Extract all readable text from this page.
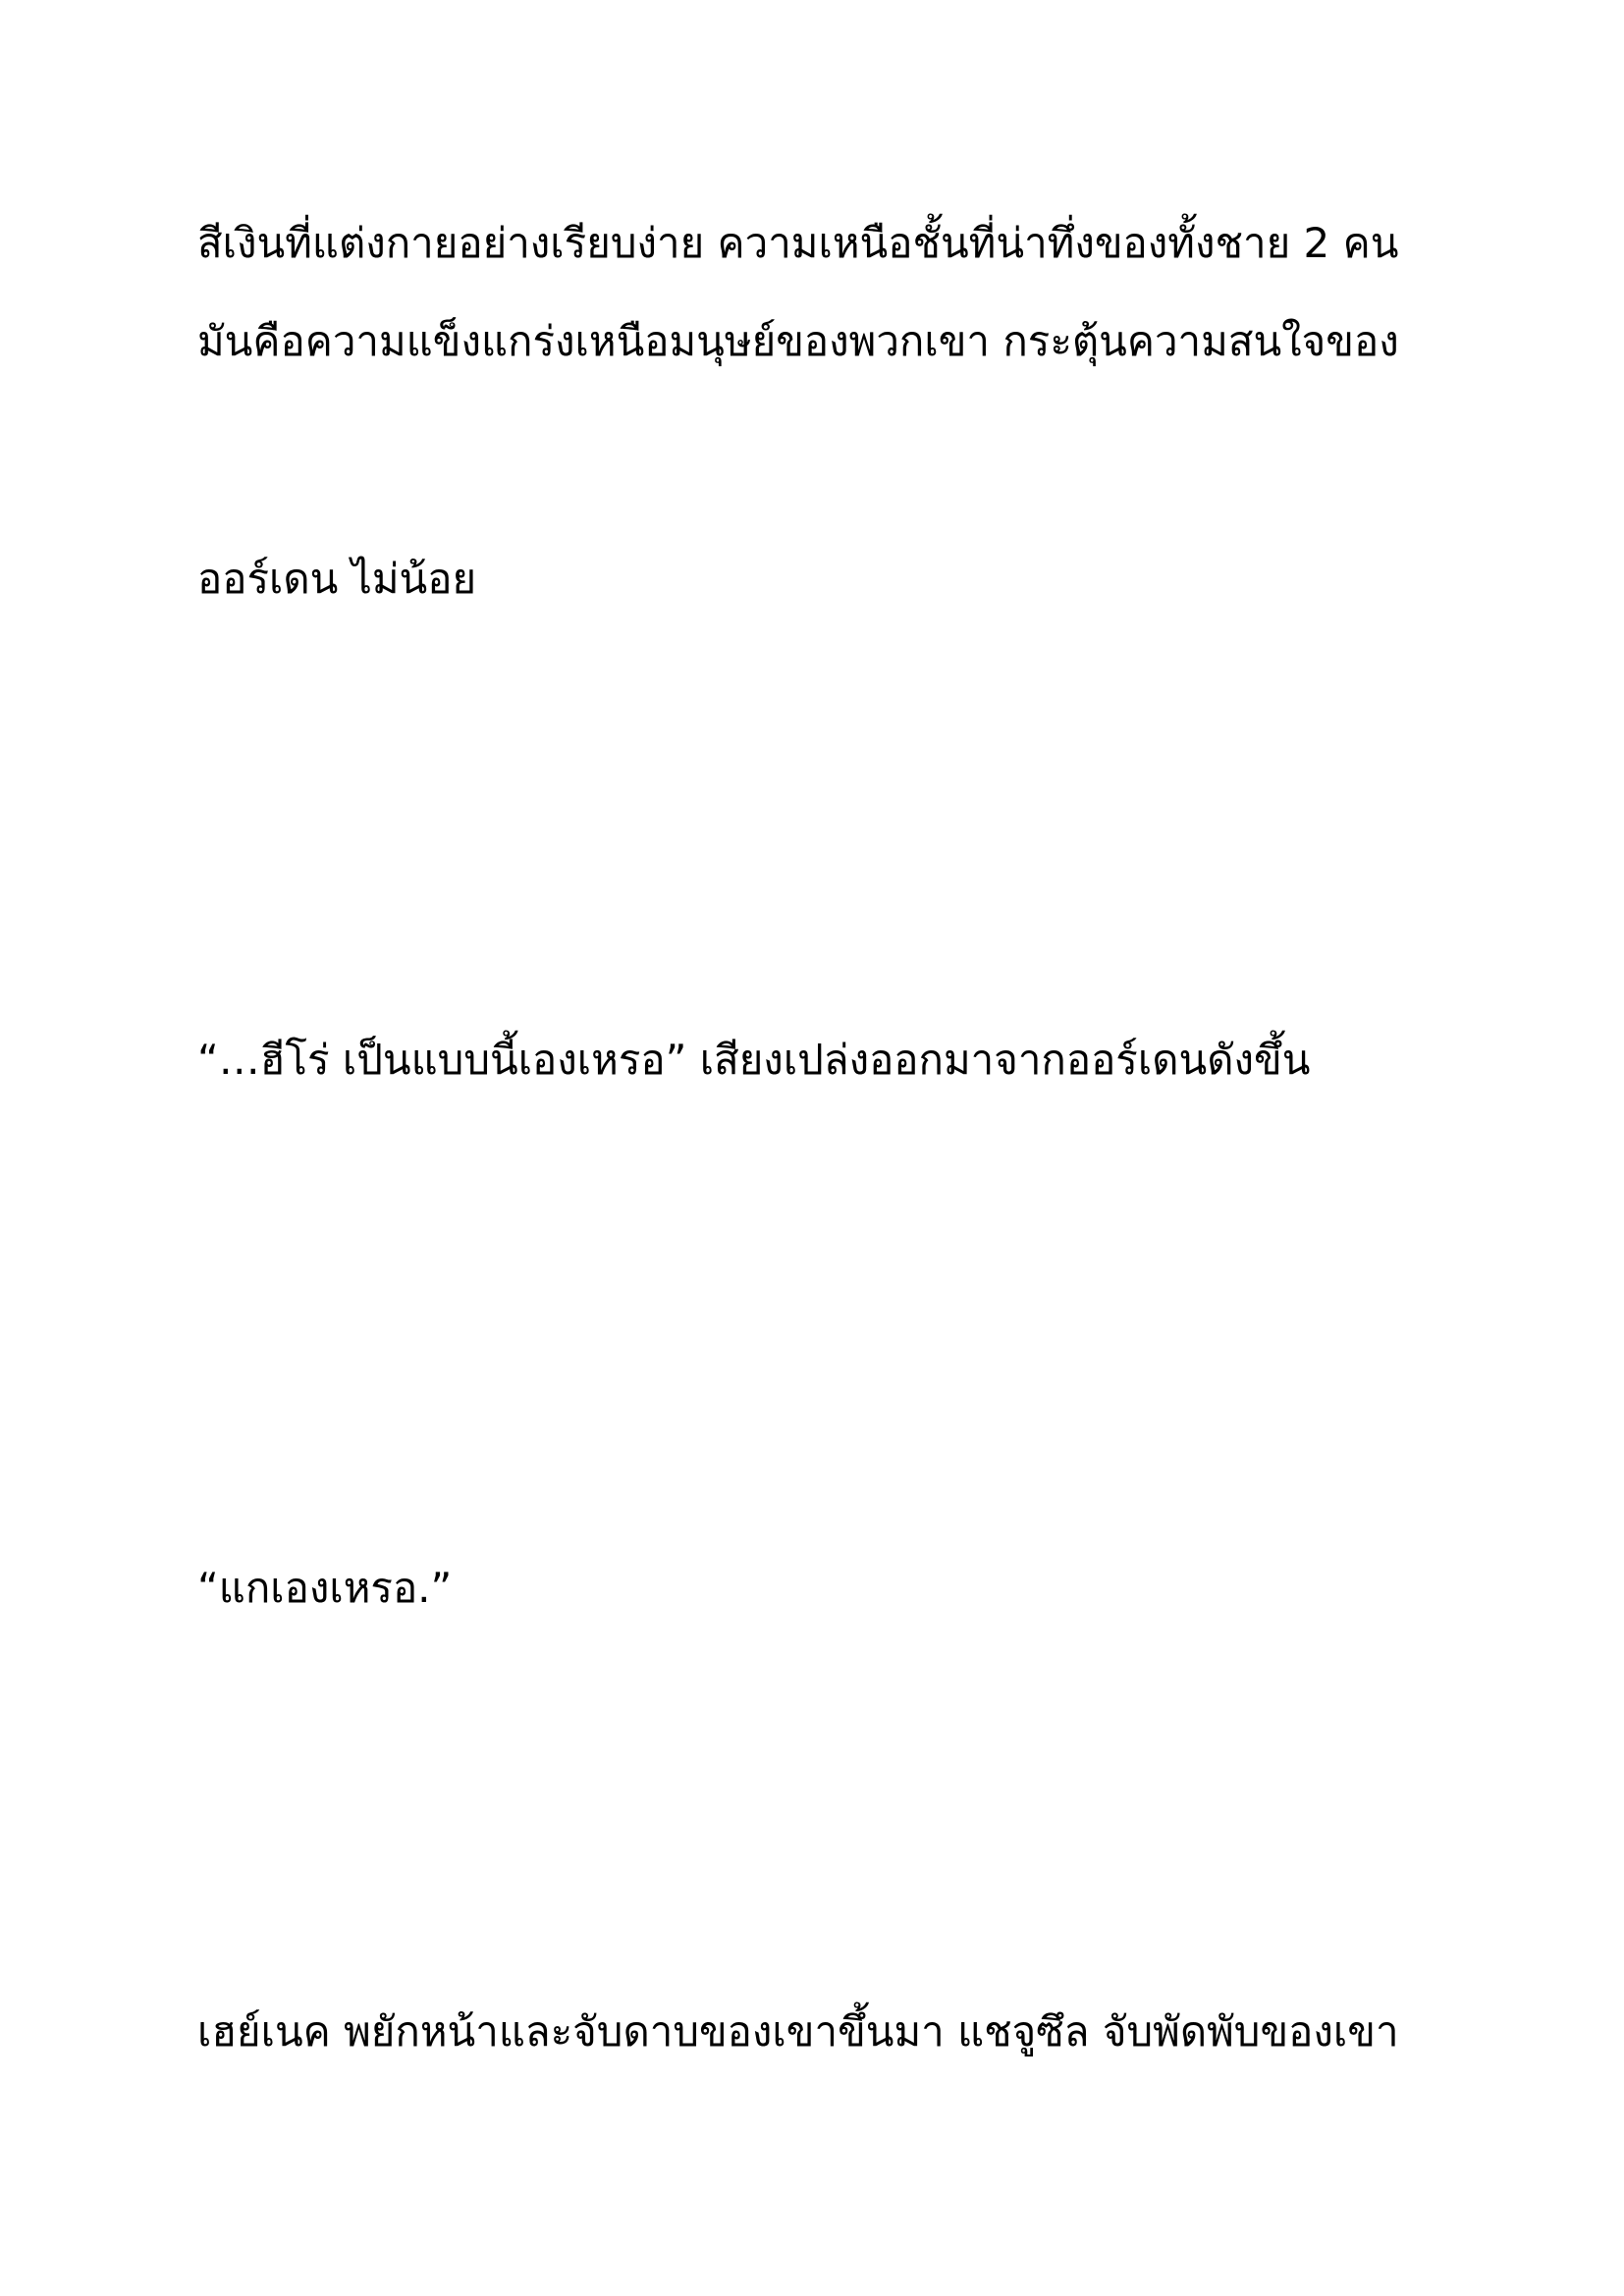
สีเงินที่แต่งกายอย่างเรียบง่าย ความเหนือชั้นที่น่าทึ่งของทั้งชาย 2 คน

มันคือความแข็งแกร่งเหนือมนุษย์ของพวกเขา กระตุ้นความสนใจของ

ออร์เดน ไม่น้อย

“…ฮีโร่ เป็นแบบนี้เองเหรอ” เสียงเปล่งออกมาจากออร์เดนดังขึ้น

“แกเองเหรอ.”

เฮย์เนค พยักหน้าและจับดาบของเขาขึ้นมา แชจูซึล จับพัดพับของเขา
